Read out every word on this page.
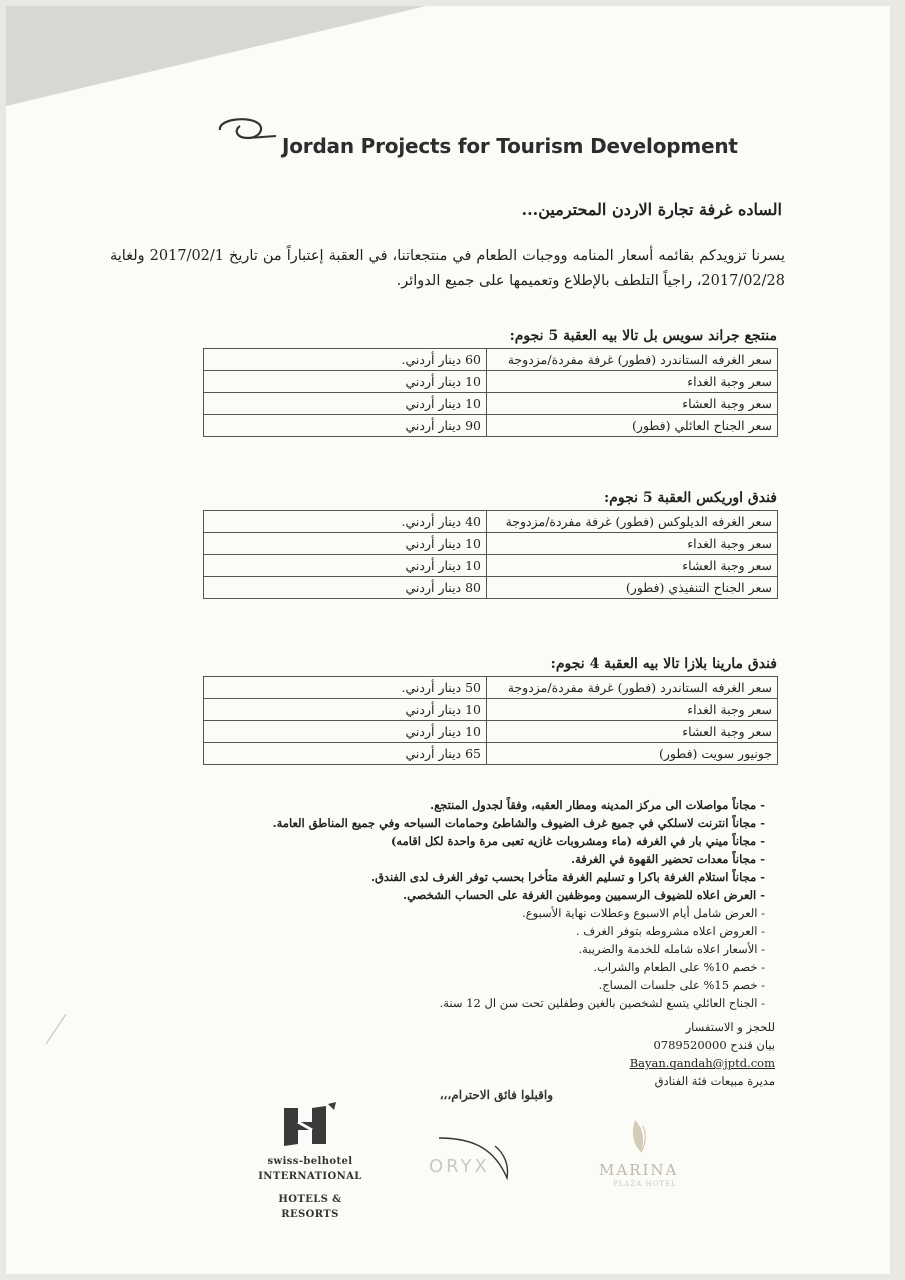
Jordan Projects for Tourism Development
الساده غرفة تجارة الاردن المحترمين...
يسرنا تزويدكم بقائمه أسعار المنامه ووجبات الطعام في منتجعاتنا، في العقبة إعتباراً من تاريخ 2017/02/1 ولغاية 2017/02/28، راجياً التلطف بالإطلاع وتعميمها على جميع الدوائر.
منتجع جراند سويس بل تالا بيه العقبة 5 نجوم:
سعر الغرفه الستاندرد (فطور) غرفة مفردة/مزدوجة	60 دينار أردني.
سعر وجبة الغداء	10 دينار أردني
سعر وجبة العشاء	10 دينار أردني
سعر الجناح العائلي (فطور)	90 دينار أردني
فندق اوريكس العقبة 5 نجوم:
سعر الغرفه الديلوكس (فطور) غرفة مفردة/مزدوجة	40 دينار أردني.
سعر وجبة الغداء	10 دينار أردني
سعر وجبة العشاء	10 دينار أردني
سعر الجناح التنفيذي (فطور)	80 دينار أردني
فندق مارينا بلازا تالا بيه العقبة 4 نجوم:
سعر الغرفه الستاندرد (فطور) غرفة مفردة/مزدوجة	50 دينار أردني.
سعر وجبة الغداء	10 دينار أردني
سعر وجبة العشاء	10 دينار أردني
جونيور سويت (فطور)	65 دينار أردني
- مجاناً مواصلات الى مركز المدينه ومطار العقبه، وفقاً لجدول المنتجع.
- مجاناً انترنت لاسلكي في جميع غرف الضيوف والشاطئ وحمامات السباحه وفي جميع المناطق العامة.
- مجاناً ميني بار في الغرفه (ماء ومشروبات غازيه تعبى مرة واحدة لكل اقامه)
- مجاناً معدات تحضير القهوة في الغرفة.
- مجاناً استلام الغرفة باكرا و تسليم الغرفة متأخرا بحسب توفر الغرف لدى الفندق.
- العرض اعلاه للضيوف الرسميين وموظفين الغرفة على الحساب الشخصي.
- العرض شامل أيام الاسبوع وعطلات نهاية الأسبوع.
- العروض اعلاه مشروطه بتوفر الغرف .
- الأسعار اعلاه شامله للخدمة والضريبة.
- خصم 10% على الطعام والشراب.
- خصم 15% على جلسات المساج.
- الجناح العائلي يتسع لشخصين بالغين وطفلين تحت سن ال 12 سنة.
للحجز و الاستفسار
بيان قندح 0789520000
Bayan.qandah@jptd.com
مديرة مبيعات فئة الفنادق
واقبلوا فائق الاحترام،،،
swiss-belhotel
INTERNATIONAL
HOTELS & RESORTS
ORYX	MARINA
PLAZA HOTEL
